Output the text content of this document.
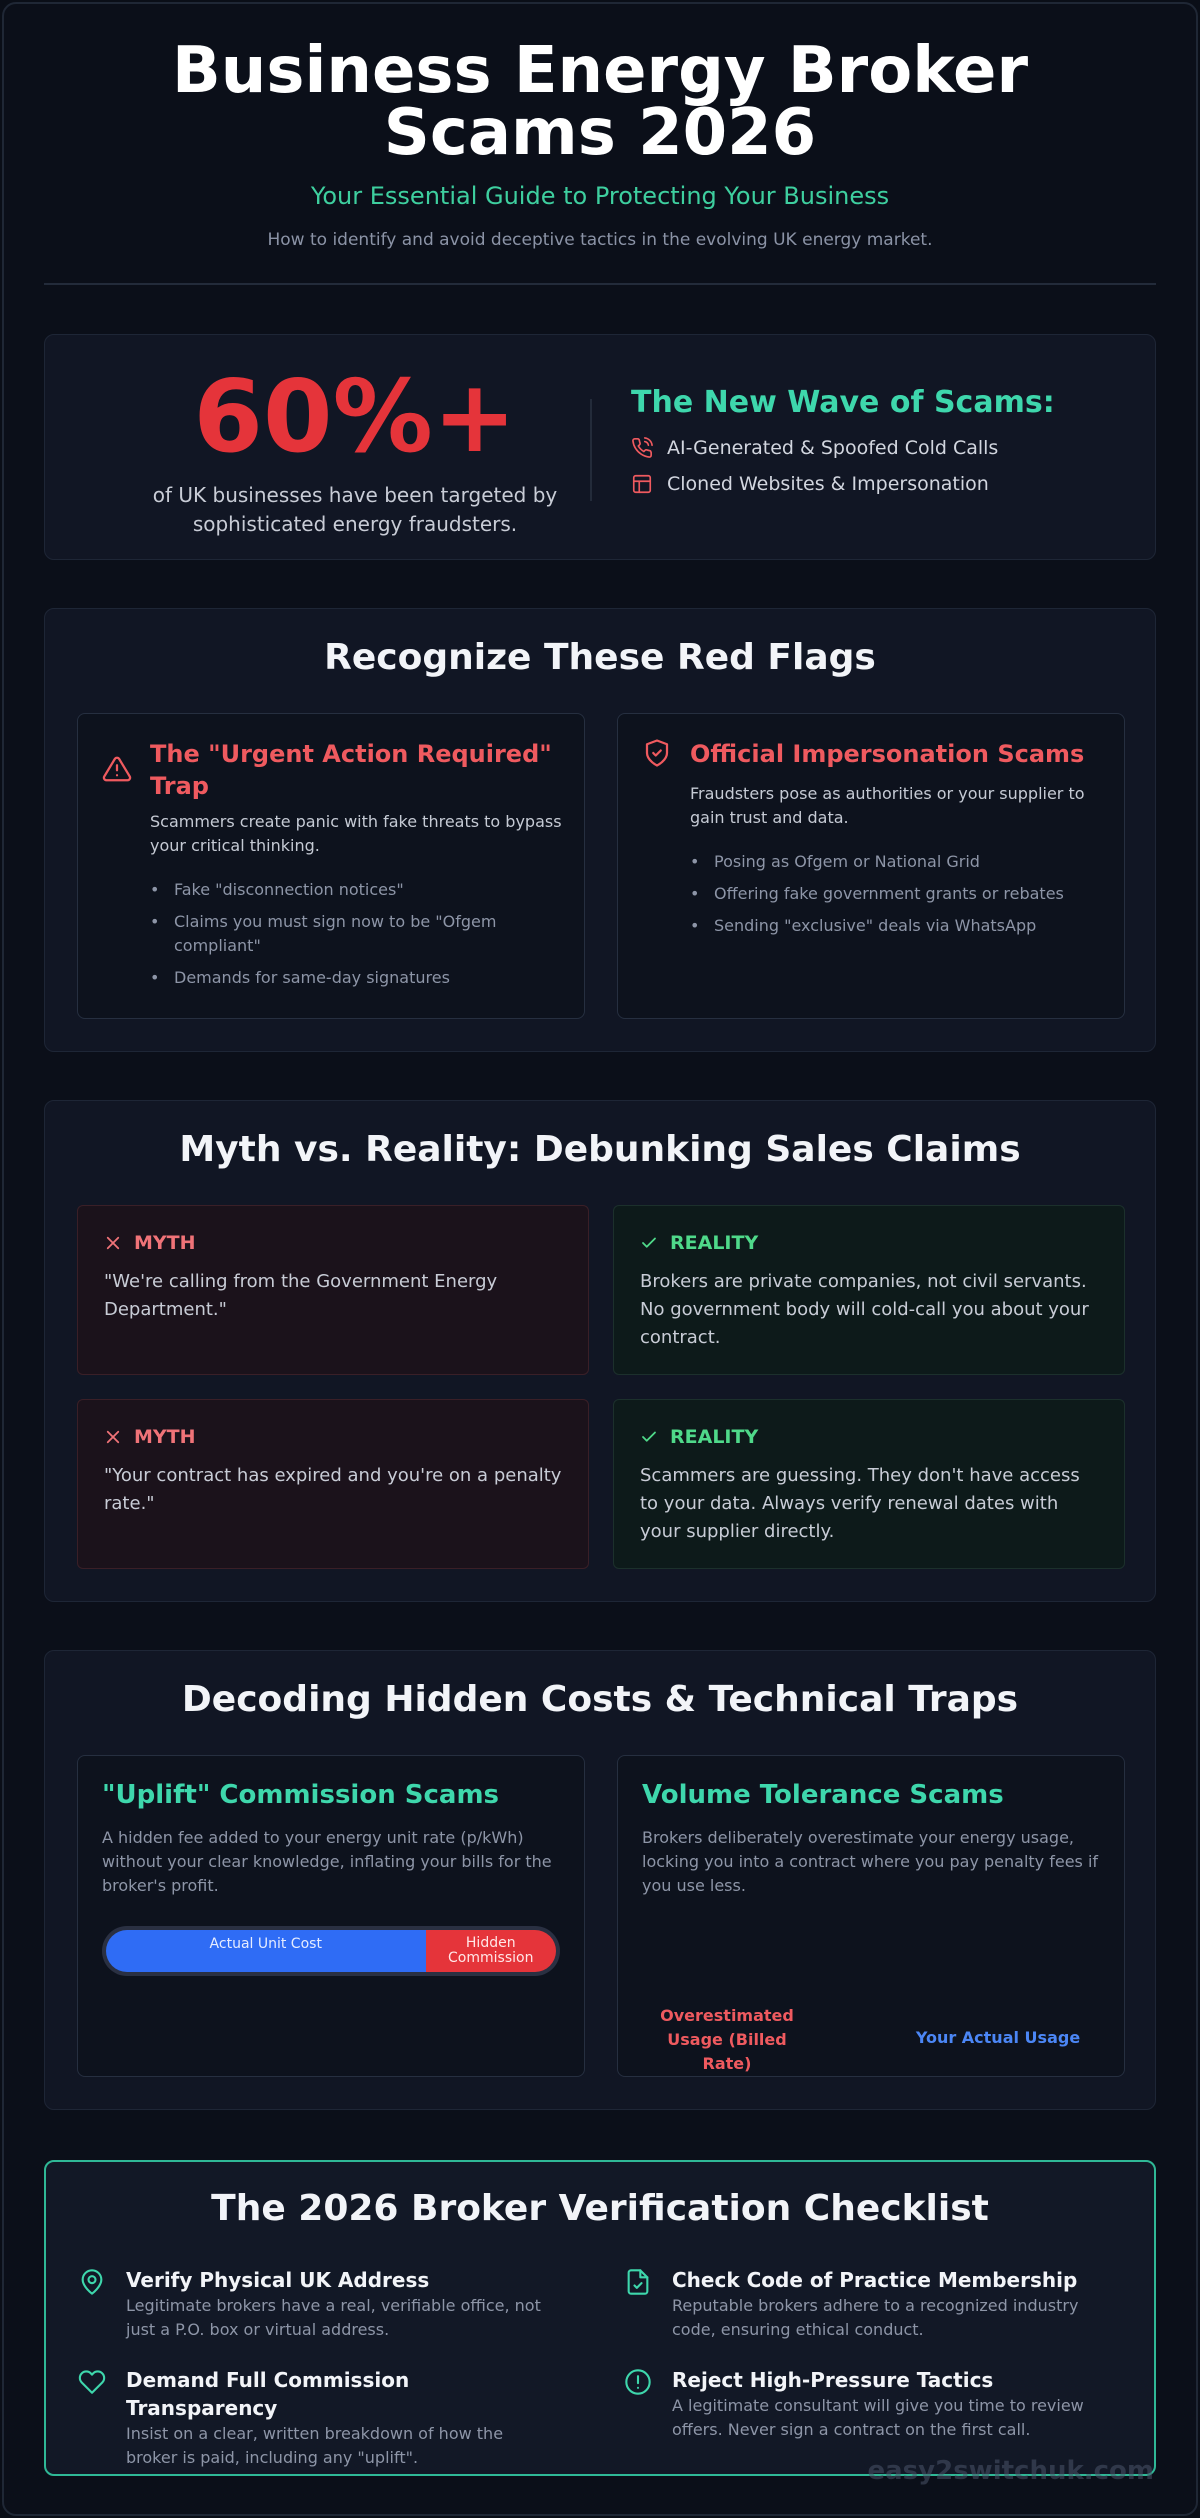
Business Energy Broker Scams 2026
Your Essential Guide to Protecting Your Business
How to identify and avoid deceptive tactics in the evolving UK energy market.
60%+
of UK businesses have been targeted by sophisticated energy fraudsters.
The New Wave of Scams:
AI-Generated & Spoofed Cold Calls
Cloned Websites & Impersonation
Recognize These Red Flags
The "Urgent Action Required" Trap
Scammers create panic with fake threats to bypass your critical thinking.
• Fake "disconnection notices"
• Claims you must sign now to be "Ofgem compliant"
• Demands for same-day signatures
Official Impersonation Scams
Fraudsters pose as authorities or your supplier to gain trust and data.
• Posing as Ofgem or National Grid
• Offering fake government grants or rebates
• Sending "exclusive" deals via WhatsApp
Myth vs. Reality: Debunking Sales Claims
MYTH
"We're calling from the Government Energy Department."
REALITY
Brokers are private companies, not civil servants. No government body will cold-call you about your contract.
MYTH
"Your contract has expired and you're on a penalty rate."
REALITY
Scammers are guessing. They don't have access to your data. Always verify renewal dates with your supplier directly.
Decoding Hidden Costs & Technical Traps
"Uplift" Commission Scams
A hidden fee added to your energy unit rate (p/kWh) without your clear knowledge, inflating your bills for the broker's profit.
Actual Unit Cost	Hidden Commission
Volume Tolerance Scams
Brokers deliberately overestimate your energy usage, locking you into a contract where you pay penalty fees if you use less.
Overestimated Usage (Billed Rate)
Your Actual Usage
The 2026 Broker Verification Checklist
Verify Physical UK Address
Legitimate brokers have a real, verifiable office, not just a P.O. box or virtual address.
Check Code of Practice Membership
Reputable brokers adhere to a recognized industry code, ensuring ethical conduct.
Demand Full Commission Transparency
Insist on a clear, written breakdown of how the broker is paid, including any "uplift".
Reject High-Pressure Tactics
A legitimate consultant will give you time to review offers. Never sign a contract on the first call.
easy2switchuk.com
